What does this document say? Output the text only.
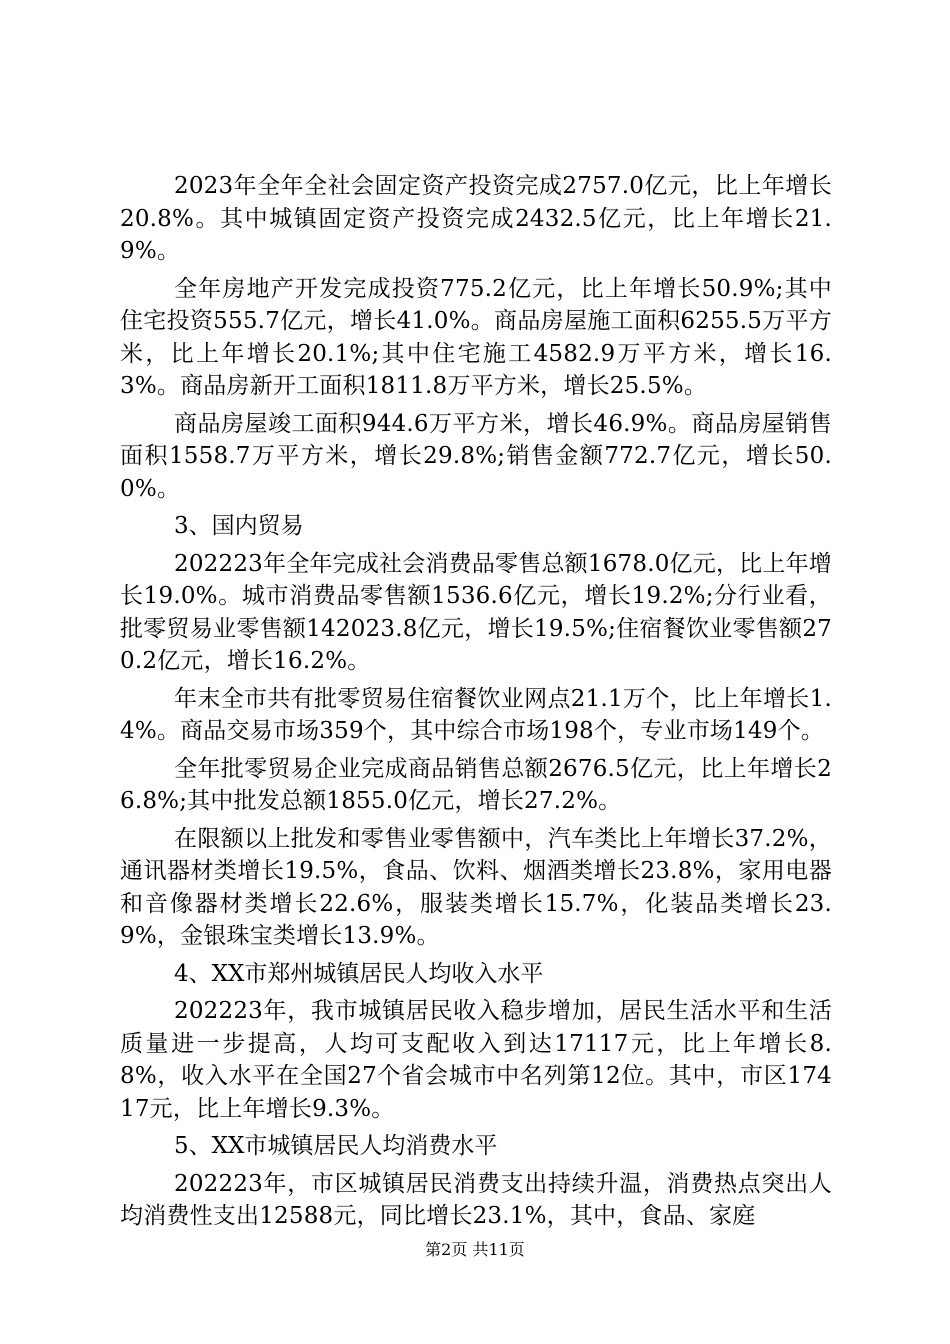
2023年全年全社会固定资产投资完成2757.0亿元，比上年增长20.8%。其中城镇固定资产投资完成2432.5亿元，比上年增长21.9%。

全年房地产开发完成投资775.2亿元，比上年增长50.9%;其中住宅投资555.7亿元，增长41.0%。商品房屋施工面积6255.5万平方米，比上年增长20.1%;其中住宅施工4582.9万平方米，增长16.3%。商品房新开工面积1811.8万平方米，增长25.5%。

商品房屋竣工面积944.6万平方米，增长46.9%。商品房屋销售面积1558.7万平方米，增长29.8%;销售金额772.7亿元，增长50.0%。

3、国内贸易

202223年全年完成社会消费品零售总额1678.0亿元，比上年增长19.0%。城市消费品零售额1536.6亿元，增长19.2%;分行业看，批零贸易业零售额142023.8亿元，增长19.5%;住宿餐饮业零售额270.2亿元，增长16.2%。

年末全市共有批零贸易住宿餐饮业网点21.1万个，比上年增长1.4%。商品交易市场359个，其中综合市场198个，专业市场149个。

全年批零贸易企业完成商品销售总额2676.5亿元，比上年增长26.8%;其中批发总额1855.0亿元，增长27.2%。

在限额以上批发和零售业零售额中，汽车类比上年增长37.2%，通讯器材类增长19.5%，食品、饮料、烟酒类增长23.8%，家用电器和音像器材类增长22.6%，服装类增长15.7%，化装品类增长23.9%，金银珠宝类增长13.9%。

4、XX市郑州城镇居民人均收入水平

202223年，我市城镇居民收入稳步增加，居民生活水平和生活质量进一步提高，人均可支配收入到达17117元，比上年增长8.8%，收入水平在全国27个省会城市中名列第12位。其中，市区17417元，比上年增长9.3%。

5、XX市城镇居民人均消费水平

202223年，市区城镇居民消费支出持续升温，消费热点突出人均消费性支出12588元，同比增长23.1%，其中，食品、家庭

第2页 共11页
